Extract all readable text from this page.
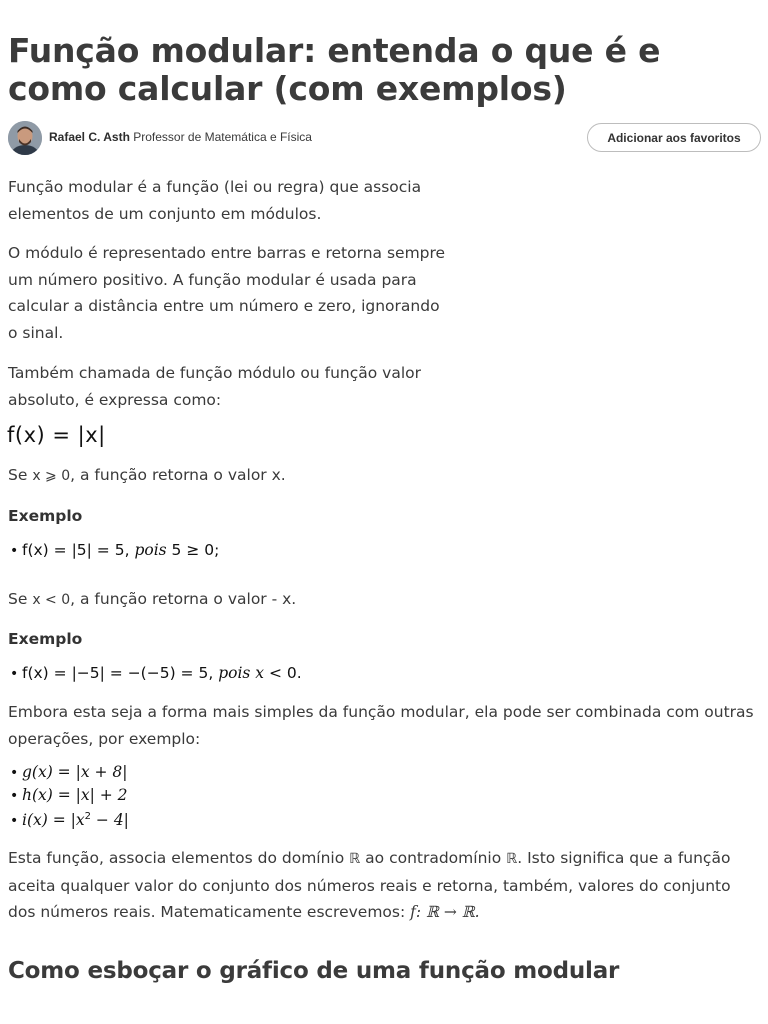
Função modular: entenda o que é e como calcular (com exemplos)
Rafael C. Asth Professor de Matemática e Física	Adicionar aos favoritos

Função modular é a função (lei ou regra) que associa elementos de um conjunto em módulos.

O módulo é representado entre barras e retorna sempre um número positivo. A função modular é usada para calcular a distância entre um número e zero, ignorando o sinal.

Também chamada de função módulo ou função valor absoluto, é expressa como:

f(x) = |x|

Se x ⩾ 0, a função retorna o valor x.

Exemplo
• f(x) = |5| = 5, pois 5 ≥ 0;

Se x < 0, a função retorna o valor - x.

Exemplo
• f(x) = |−5| = −(−5) = 5, pois x < 0.

Embora esta seja a forma mais simples da função modular, ela pode ser combinada com outras operações, por exemplo:

• g(x) = |x + 8|
• h(x) = |x| + 2
• $i(x) = |x^2 - 4|$

Esta função, associa elementos do domínio ℝ ao contradomínio ℝ. Isto significa que a função aceita qualquer valor do conjunto dos números reais e retorna, também, valores do conjunto dos números reais. Matematicamente escrevemos: f: ℝ → ℝ.

Como esboçar o gráfico de uma função modular
